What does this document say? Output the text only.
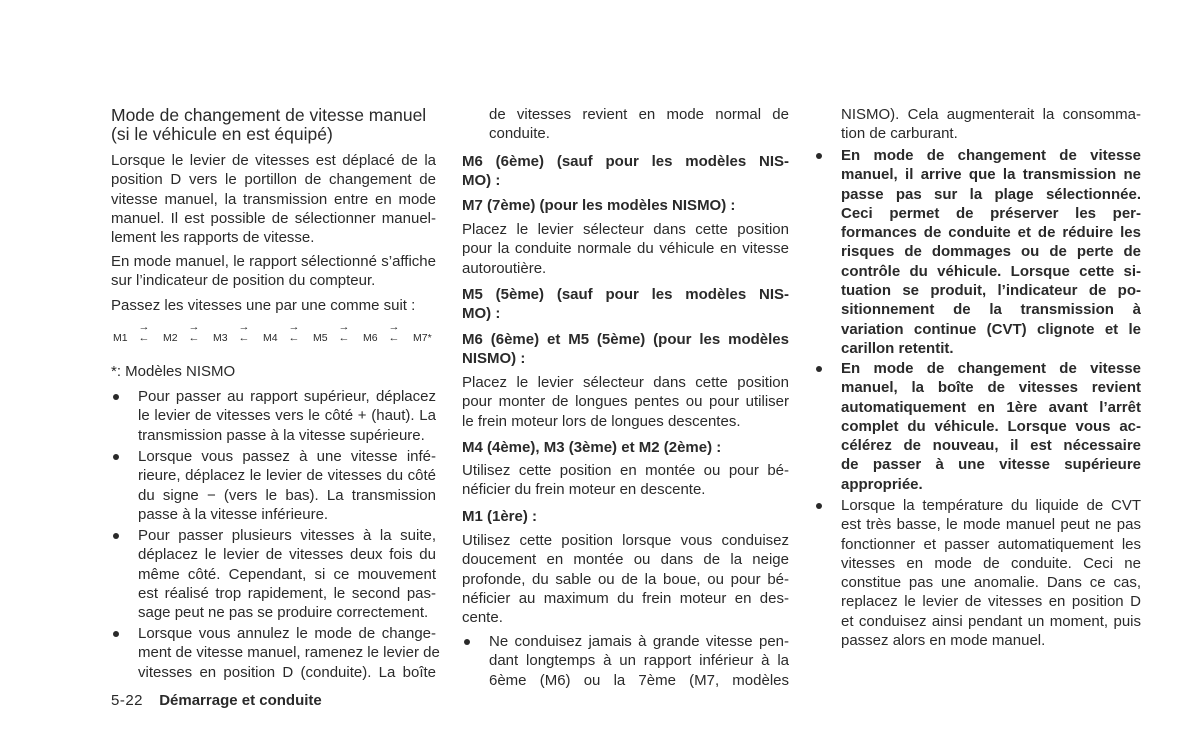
Mode de changement de vitesse manuel
(si le véhicule en est équipé)
Lorsque le levier de vitesses est déplacé de la
position D vers le portillon de changement de
vitesse manuel, la transmission entre en mode
manuel. Il est possible de sélectionner manuel-
lement les rapports de vitesse.
En mode manuel, le rapport sélectionné s’affiche
sur l’indicateur de position du compteur.
Passez les vitesses une par une comme suit :
M1
→
← M2
→
← M3
→
← M4
→
← M5
→
← M6
→
← M7*
*: Modèles NISMO
Pour passer au rapport supérieur, déplacez
le levier de vitesses vers le côté + (haut). La
transmission passe à la vitesse supérieure.
Lorsque vous passez à une vitesse infé-
rieure, déplacez le levier de vitesses du côté
du signe − (vers le bas). La transmission
passe à la vitesse inférieure.
Pour passer plusieurs vitesses à la suite,
déplacez le levier de vitesses deux fois du
même côté. Cependant, si ce mouvement
est réalisé trop rapidement, le second pas-
sage peut ne pas se produire correctement.
Lorsque vous annulez le mode de change-
ment de vitesse manuel, ramenez le levier de
vitesses en position D (conduite). La boîte
de vitesses revient en mode normal de
conduite.
M6 (6ème) (sauf pour les modèles NIS-
MO) :
M7 (7ème) (pour les modèles NISMO) :
Placez le levier sélecteur dans cette position
pour la conduite normale du véhicule en vitesse
autoroutière.
M5 (5ème) (sauf pour les modèles NIS-
MO) :
M6 (6ème) et M5 (5ème) (pour les modèles
NISMO) :
Placez le levier sélecteur dans cette position
pour monter de longues pentes ou pour utiliser
le frein moteur lors de longues descentes.
M4 (4ème), M3 (3ème) et M2 (2ème) :
Utilisez cette position en montée ou pour bé-
néficier du frein moteur en descente.
M1 (1ère) :
Utilisez cette position lorsque vous conduisez
doucement en montée ou dans de la neige
profonde, du sable ou de la boue, ou pour bé-
néficier au maximum du frein moteur en des-
cente.
Ne conduisez jamais à grande vitesse pen-
dant longtemps à un rapport inférieur à la
6ème (M6) ou la 7ème (M7, modèles
NISMO). Cela augmenterait la consomma-
tion de carburant.
En mode de changement de vitesse
manuel, il arrive que la transmission ne
passe pas sur la plage sélectionnée.
Ceci permet de préserver les per-
formances de conduite et de réduire les
risques de dommages ou de perte de
contrôle du véhicule. Lorsque cette si-
tuation se produit, l’indicateur de po-
sitionnement de la transmission à
variation continue (CVT) clignote et le
carillon retentit.
En mode de changement de vitesse
manuel, la boîte de vitesses revient
automatiquement en 1ère avant l’arrêt
complet du véhicule. Lorsque vous ac-
célérez de nouveau, il est nécessaire
de passer à une vitesse supérieure
appropriée.
Lorsque la température du liquide de CVT
est très basse, le mode manuel peut ne pas
fonctionner et passer automatiquement les
vitesses en mode de conduite. Ceci ne
constitue pas une anomalie. Dans ce cas,
replacez le levier de vitesses en position D
et conduisez ainsi pendant un moment, puis
passez alors en mode manuel.
5-22 Démarrage et conduite
